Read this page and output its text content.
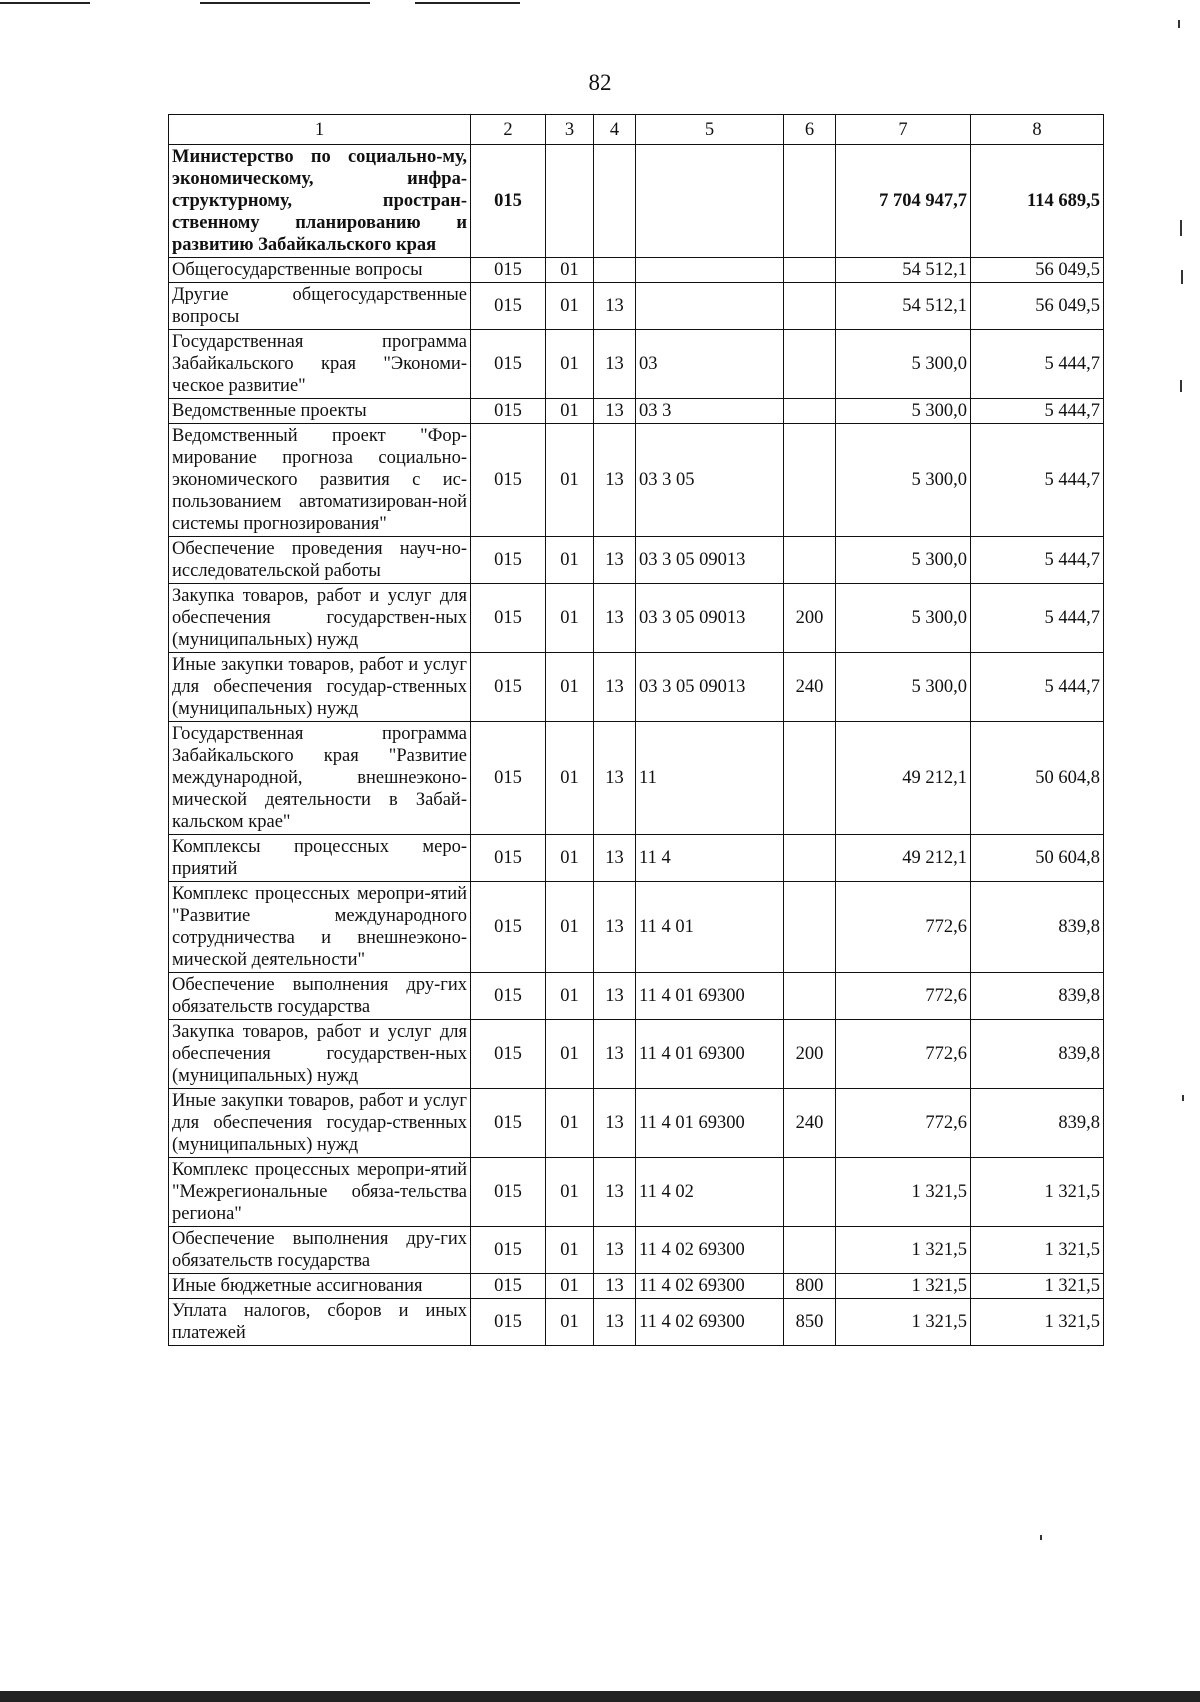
82
1	2	3	4	5	6	7	8
Министерство по социально-му, экономическому, инфра-структурному, простран-ственному планированию и развитию Забайкальского края	015					7 704 947,7	114 689,5
Общегосударственные вопросы	015	01				54 512,1	56 049,5
Другие общегосударственные вопросы	015	01	13			54 512,1	56 049,5
Государственная программа Забайкальского края "Экономи-ческое развитие"	015	01	13	03		5 300,0	5 444,7
Ведомственные проекты	015	01	13	03 3		5 300,0	5 444,7
Ведомственный проект "Фор-мирование прогноза социально-экономического развития с ис-пользованием автоматизирован-ной системы прогнозирования"	015	01	13	03 3 05		5 300,0	5 444,7
Обеспечение проведения науч-но-исследовательской работы	015	01	13	03 3 05 09013		5 300,0	5 444,7
Закупка товаров, работ и услуг для обеспечения государствен-ных (муниципальных) нужд	015	01	13	03 3 05 09013	200	5 300,0	5 444,7
Иные закупки товаров, работ и услуг для обеспечения государ-ственных (муниципальных) нужд	015	01	13	03 3 05 09013	240	5 300,0	5 444,7
Государственная программа Забайкальского края "Развитие международной, внешнеэконо-мической деятельности в Забай-кальском крае"	015	01	13	11		49 212,1	50 604,8
Комплексы процессных меро-приятий	015	01	13	11 4		49 212,1	50 604,8
Комплекс процессных меропри-ятий "Развитие международного сотрудничества и внешнеэконо-мической деятельности"	015	01	13	11 4 01		772,6	839,8
Обеспечение выполнения дру-гих обязательств государства	015	01	13	11 4 01 69300		772,6	839,8
Закупка товаров, работ и услуг для обеспечения государствен-ных (муниципальных) нужд	015	01	13	11 4 01 69300	200	772,6	839,8
Иные закупки товаров, работ и услуг для обеспечения государ-ственных (муниципальных) нужд	015	01	13	11 4 01 69300	240	772,6	839,8
Комплекс процессных меропри-ятий "Межрегиональные обяза-тельства региона"	015	01	13	11 4 02		1 321,5	1 321,5
Обеспечение выполнения дру-гих обязательств государства	015	01	13	11 4 02 69300		1 321,5	1 321,5
Иные бюджетные ассигнования	015	01	13	11 4 02 69300	800	1 321,5	1 321,5
Уплата налогов, сборов и иных платежей	015	01	13	11 4 02 69300	850	1 321,5	1 321,5
